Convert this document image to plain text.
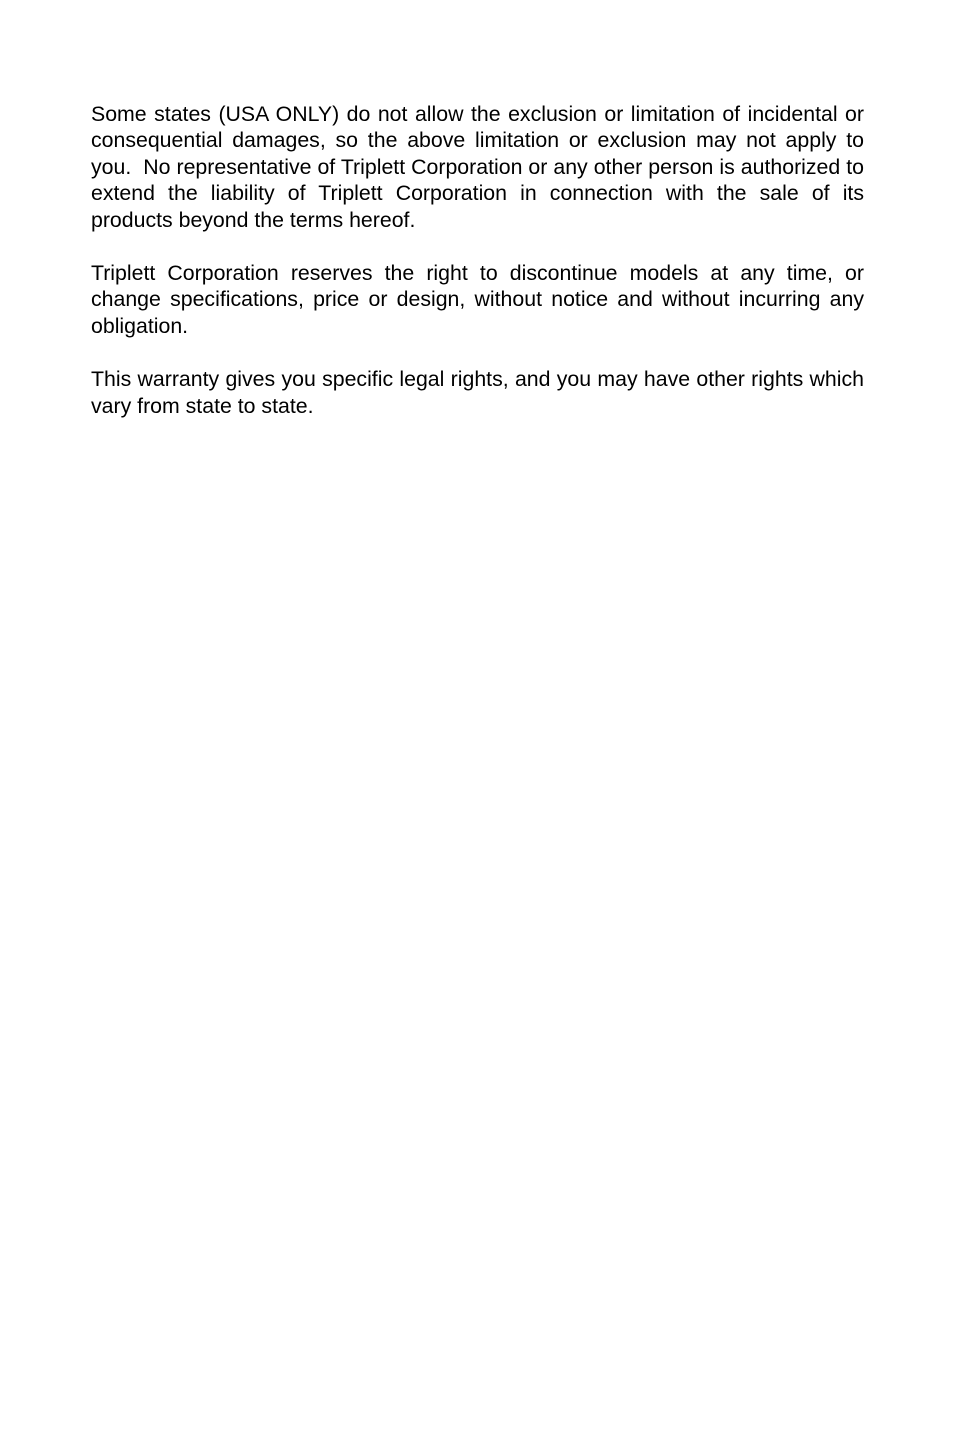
Some states (USA ONLY) do not allow the exclusion or limitation of incidental or consequential damages, so the above limitation or exclusion may not apply to you.  No representative of Triplett Corporation or any other person is authorized to extend the liability of Triplett Corporation in connection with the sale of its products beyond the terms hereof.

Triplett Corporation reserves the right to discontinue models at any time, or change specifications, price or design, without notice and without incurring any obligation.

This warranty gives you specific legal rights, and you may have other rights which vary from state to state.
